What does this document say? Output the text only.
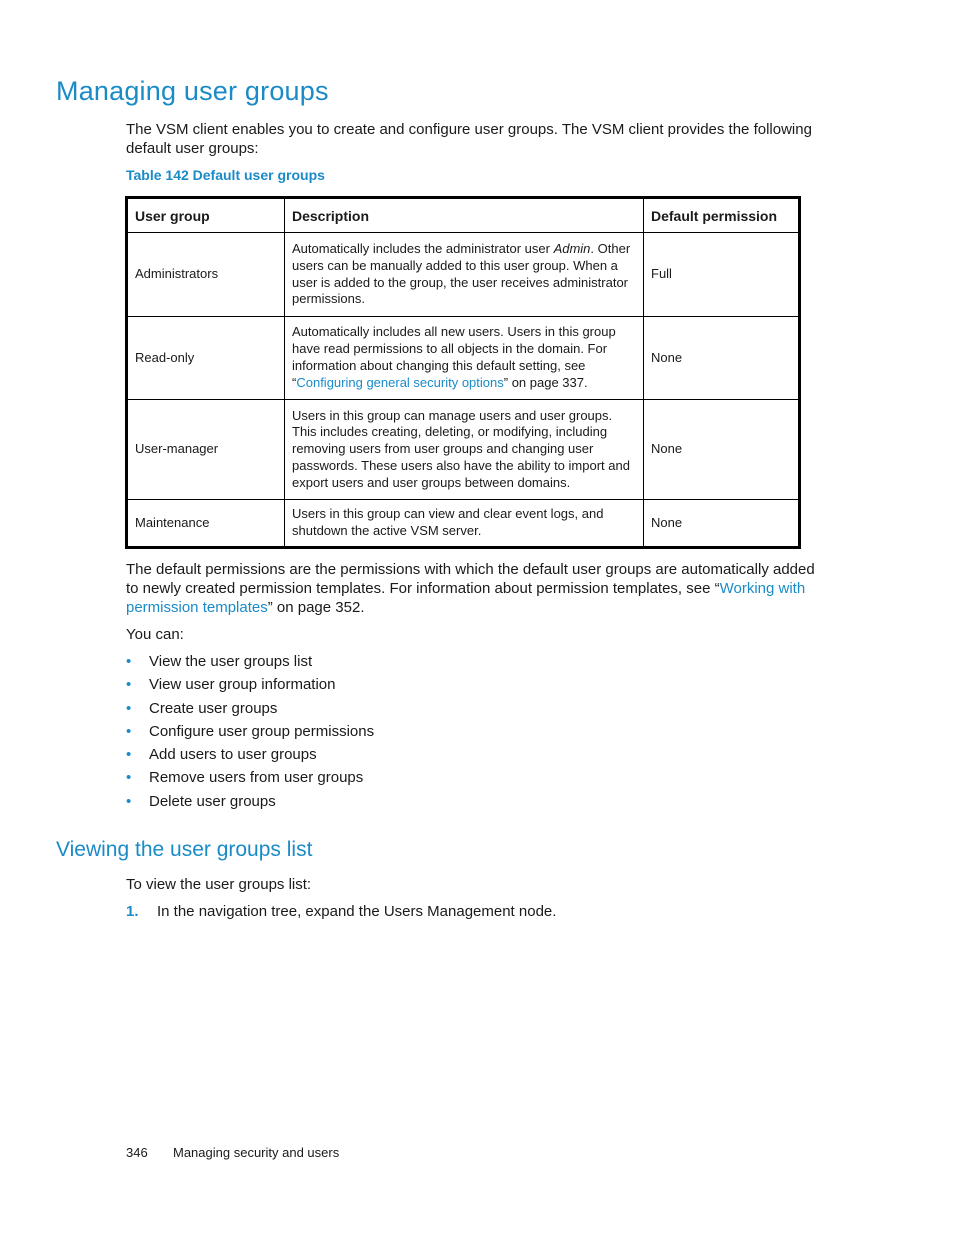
Managing user groups

The VSM client enables you to create and configure user groups. The VSM client provides the following default user groups:

Table 142 Default user groups

User group	Description	Default permission
Administrators	Automatically includes the administrator user Admin. Other users can be manually added to this user group. When a user is added to the group, the user receives administrator permissions.	Full
Read-only	Automatically includes all new users. Users in this group have read permissions to all objects in the domain. For information about changing this default setting, see “Configuring general security options” on page 337.	None
User-manager	Users in this group can manage users and user groups. This includes creating, deleting, or modifying, including removing users from user groups and changing user passwords. These users also have the ability to import and export users and user groups between domains.	None
Maintenance	Users in this group can view and clear event logs, and shutdown the active VSM server.	None

The default permissions are the permissions with which the default user groups are automatically added to newly created permission templates. For information about permission templates, see “Working with permission templates” on page 352.

You can:

• View the user groups list
• View user group information
• Create user groups
• Configure user group permissions
• Add users to user groups
• Remove users from user groups
• Delete user groups
Viewing the user groups list

To view the user groups list:

1. In the navigation tree, expand the Users Management node.
346 Managing security and users
